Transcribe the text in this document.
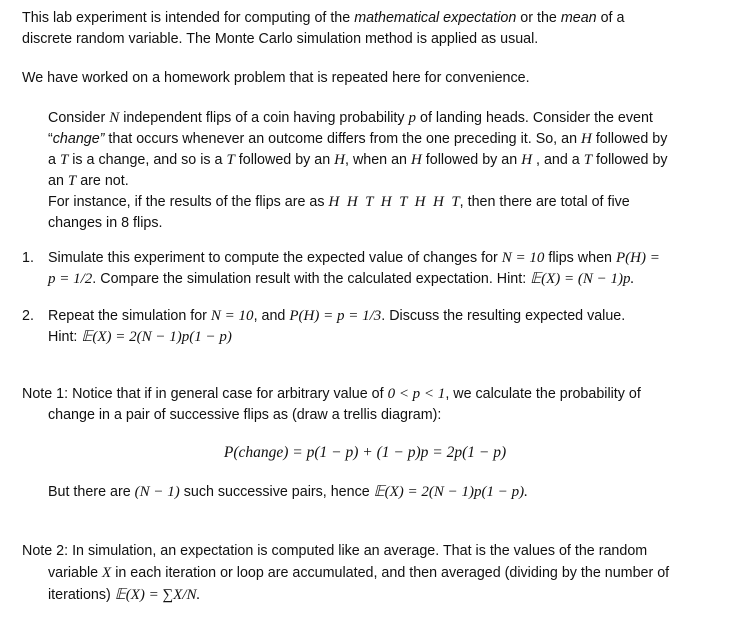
This lab experiment is intended for computing of the mathematical expectation or the mean of a
discrete random variable. The Monte Carlo simulation method is applied as usual.
We have worked on a homework problem that is repeated here for convenience.
Consider N independent flips of a coin having probability p of landing heads. Consider the event
“change” that occurs whenever an outcome differs from the one preceding it. So, an H followed by
a T is a change, and so is a T followed by an H, when an H followed by an H , and a T followed by
an T are not.
For instance, if the results of the flips are as H  H  T  H  T  H  H  T, then there are total of five
changes in 8 flips.
1. Simulate this experiment to compute the expected value of changes for N = 10 flips when P(H) =
p = 1/2. Compare the simulation result with the calculated expectation. Hint: 𝔼(X) = (N − 1)p.
2. Repeat the simulation for N = 10, and P(H) = p = 1/3. Discuss the resulting expected value.
Hint: 𝔼(X) = 2(N − 1)p(1 − p)
Note 1: Notice that if in general case for arbitrary value of 0 < p < 1, we calculate the probability of
change in a pair of successive flips as (draw a trellis diagram):
P(change) = p(1 − p) + (1 − p)p = 2p(1 − p)
But there are (N − 1) such successive pairs, hence 𝔼(X) = 2(N − 1)p(1 − p).
Note 2: In simulation, an expectation is computed like an average. That is the values of the random
variable X in each iteration or loop are accumulated, and then averaged (dividing by the number of
iterations) 𝔼(X) = ∑X/N.
